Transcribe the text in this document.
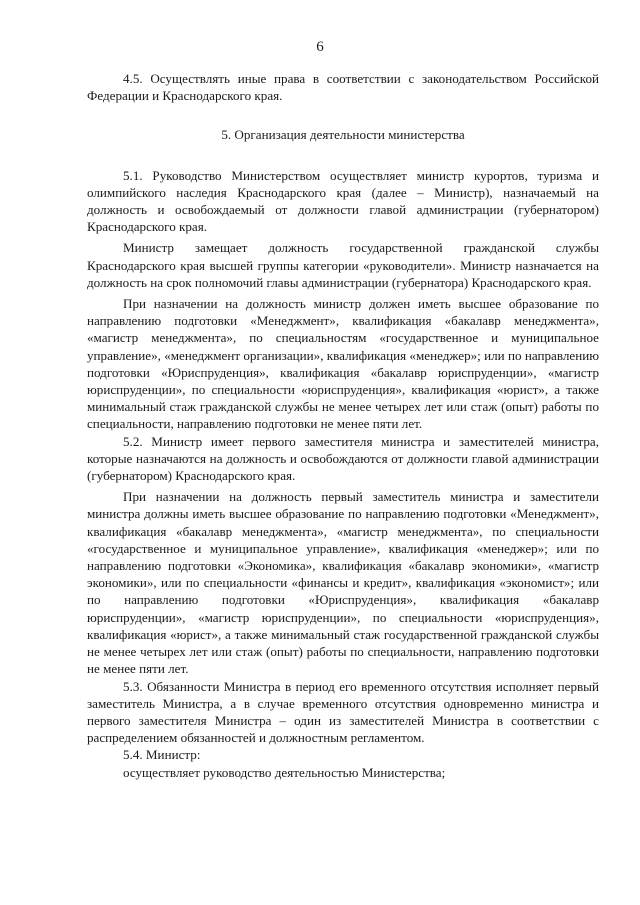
6

4.5. Осуществлять иные права в соответствии с законодательством Российской Федерации и Краснодарского края.

5. Организация деятельности министерства

5.1. Руководство Министерством осуществляет министр курортов, туризма и олимпийского наследия Краснодарского края (далее – Министр), назначаемый на должность и освобождаемый от должности главой администрации (губернатором) Краснодарского края.

Министр замещает должность государственной гражданской службы Краснодарского края высшей группы категории «руководители». Министр назначается на должность на срок полномочий главы администрации (губернатора) Краснодарского края.

При назначении на должность министр должен иметь высшее образование по направлению подготовки «Менеджмент», квалификация «бакалавр менеджмента», «магистр менеджмента», по специальностям «государственное и муниципальное управление», «менеджмент организации», квалификация «менеджер»; или по направлению подготовки «Юриспруденция», квалификация «бакалавр юриспруденции», «магистр юриспруденции», по специальности «юриспруденция», квалификация «юрист», а также минимальный стаж гражданской службы не менее четырех лет или стаж (опыт) работы по специальности, направлению подготовки не менее пяти лет.

5.2. Министр имеет первого заместителя министра и заместителей министра, которые назначаются на должность и освобождаются от должности главой администрации (губернатором) Краснодарского края.

При назначении на должность первый заместитель министра и заместители министра должны иметь высшее образование по направлению подготовки «Менеджмент», квалификация «бакалавр менеджмента», «магистр менеджмента», по специальности «государственное и муниципальное управление», квалификация «менеджер»; или по направлению подготовки «Экономика», квалификация «бакалавр экономики», «магистр экономики», или по специальности «финансы и кредит», квалификация «экономист»; или по направлению подготовки «Юриспруденция», квалификация «бакалавр юриспруденции», «магистр юриспруденции», по специальности «юриспруденция», квалификация «юрист», а также минимальный стаж государственной гражданской службы не менее четырех лет или стаж (опыт) работы по специальности, направлению подготовки не менее пяти лет.

5.3. Обязанности Министра в период его временного отсутствия исполняет первый заместитель Министра, а в случае временного отсутствия одновременно министра и первого заместителя Министра – один из заместителей Министра в соответствии с распределением обязанностей и должностным регламентом.

5.4. Министр:

осуществляет руководство деятельностью Министерства;
